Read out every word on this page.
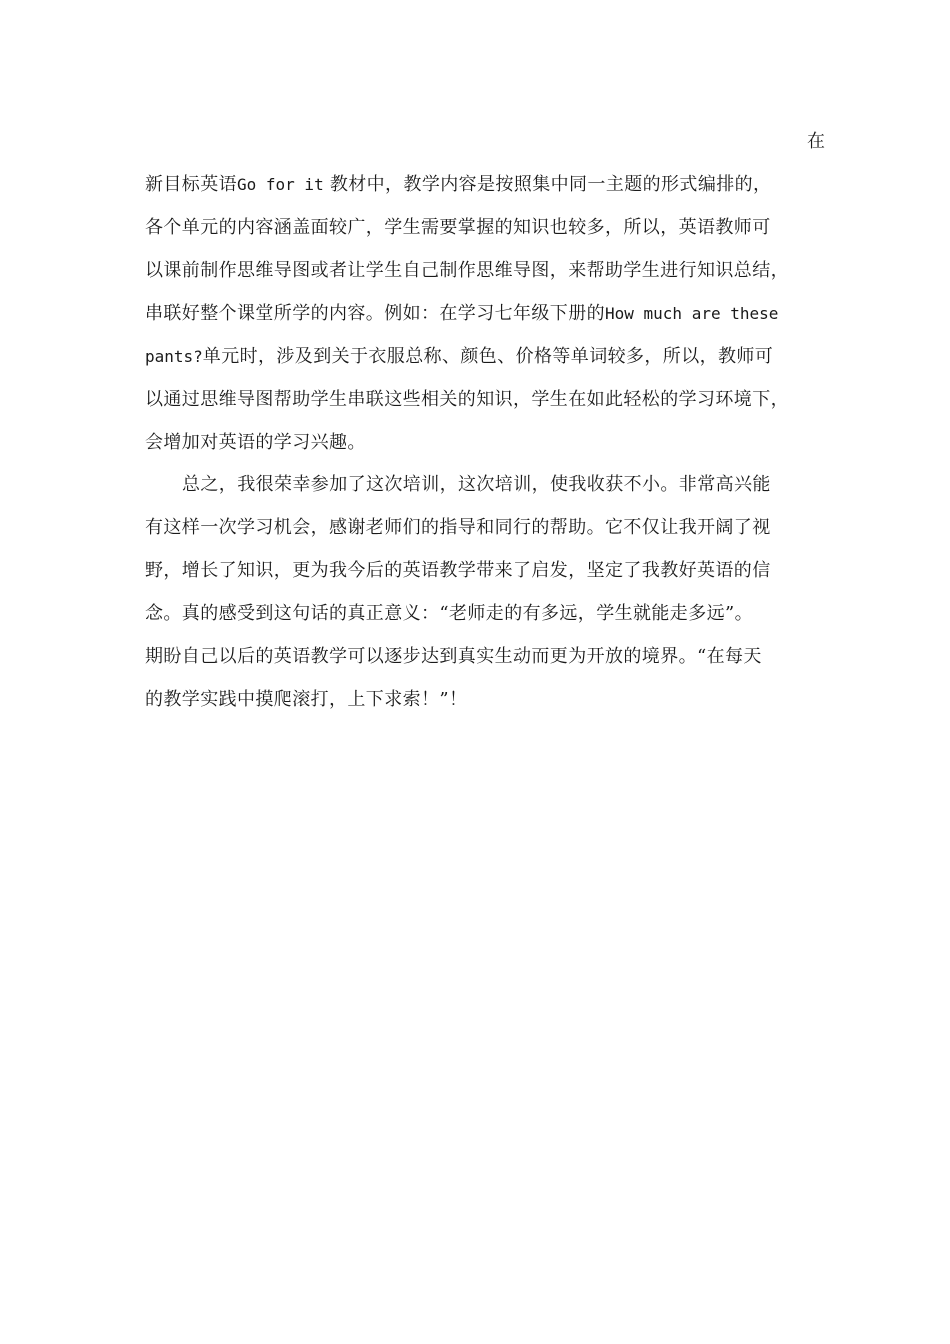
在
新目标英语Go for it 教材中，教学内容是按照集中同一主题的形式编排的，
各个单元的内容涵盖面较广，学生需要掌握的知识也较多，所以，英语教师可
以课前制作思维导图或者让学生自己制作思维导图，来帮助学生进行知识总结，
串联好整个课堂所学的内容。例如：在学习七年级下册的How much are these
pants?单元时，涉及到关于衣服总称、颜色、价格等单词较多，所以，教师可
以通过思维导图帮助学生串联这些相关的知识，学生在如此轻松的学习环境下，
会增加对英语的学习兴趣。
总之，我很荣幸参加了这次培训，这次培训，使我收获不小。非常高兴能
有这样一次学习机会，感谢老师们的指导和同行的帮助。它不仅让我开阔了视
野，增长了知识，更为我今后的英语教学带来了启发，坚定了我教好英语的信
念。真的感受到这句话的真正意义：“老师走的有多远，学生就能走多远”。
期盼自己以后的英语教学可以逐步达到真实生动而更为开放的境界。“在每天
的教学实践中摸爬滚打，上下求索！”！
